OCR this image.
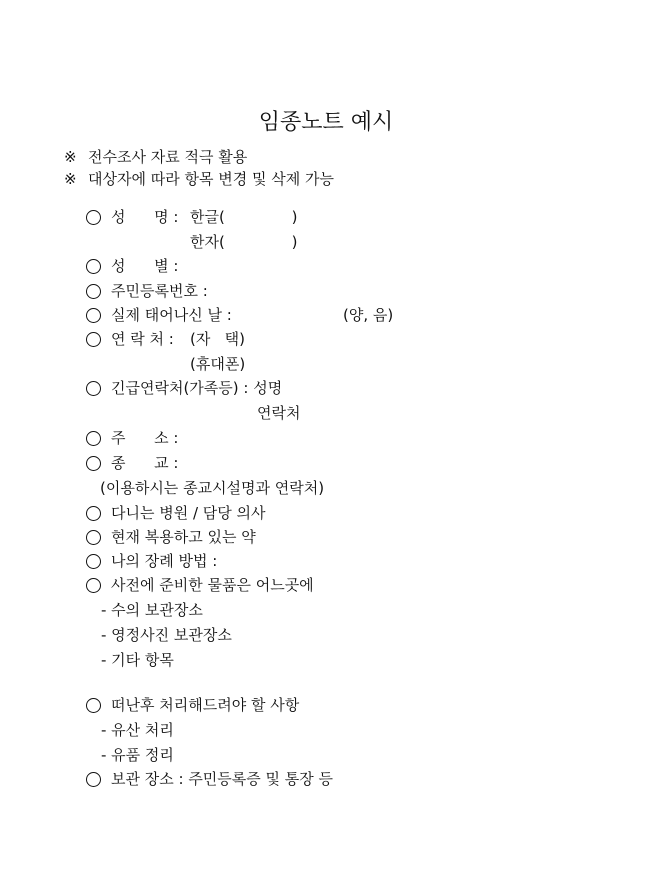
임종노트 예시
※ 전수조사 자료 적극 활용
※ 대상자에 따라 항목 변경 및 삭제 가능
성      명 : 한글(              )
한자(              )
성      별 :
주민등록번호 :
실제 태어나신 날 :	(양, 음)
연 락 처 : (자   택)
(휴대폰)
긴급연락처(가족등) : 성명
연락처
주      소 :
종      교 :
(이용하시는 종교시설명과 연락처)
다니는 병원 / 담당 의사
현재 복용하고 있는 약
나의 장례 방법 :
사전에 준비한 물품은 어느곳에
- 수의 보관장소
- 영정사진 보관장소
- 기타 항목
떠난후 처리해드려야 할 사항
- 유산 처리
- 유품 정리
보관 장소 : 주민등록증 및 통장 등
